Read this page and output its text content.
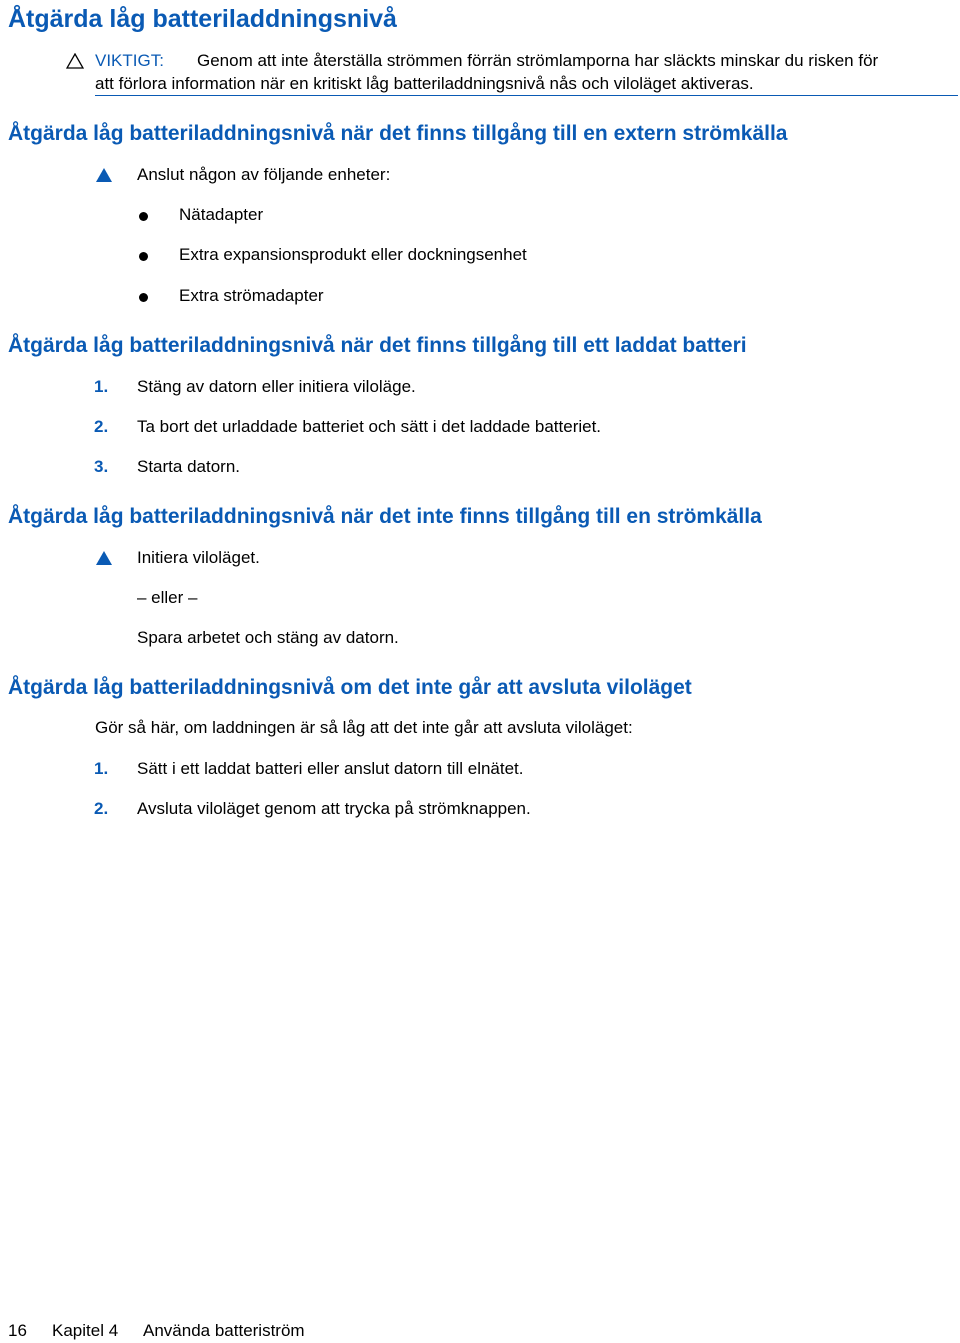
Åtgärda låg batteriladdningsnivå
VIKTIGT: Genom att inte återställa strömmen förrän strömlamporna har släckts minskar du risken för
att förlora information när en kritiskt låg batteriladdningsnivå nås och viloläget aktiveras.
Åtgärda låg batteriladdningsnivå när det finns tillgång till en extern strömkälla
Anslut någon av följande enheter:
Nätadapter
Extra expansionsprodukt eller dockningsenhet
Extra strömadapter
Åtgärda låg batteriladdningsnivå när det finns tillgång till ett laddat batteri
1. Stäng av datorn eller initiera viloläge.
2. Ta bort det urladdade batteriet och sätt i det laddade batteriet.
3. Starta datorn.
Åtgärda låg batteriladdningsnivå när det inte finns tillgång till en strömkälla
Initiera viloläget.
– eller –
Spara arbetet och stäng av datorn.
Åtgärda låg batteriladdningsnivå om det inte går att avsluta viloläget
Gör så här, om laddningen är så låg att det inte går att avsluta viloläget:
1. Sätt i ett laddat batteri eller anslut datorn till elnätet.
2. Avsluta viloläget genom att trycka på strömknappen.
16 Kapitel 4 Använda batteriström
